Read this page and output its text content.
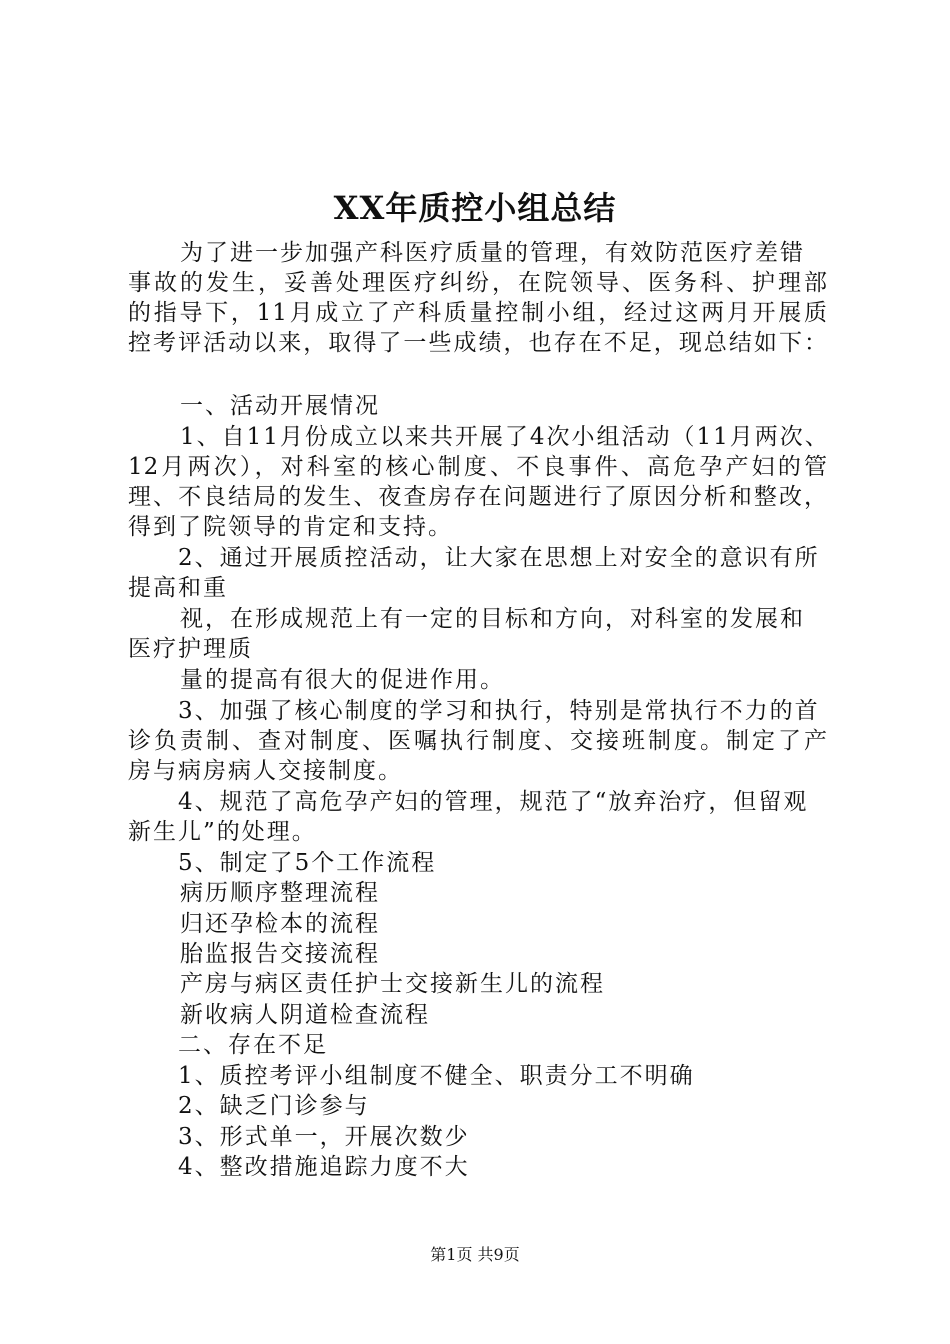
XX年质控小组总结
为了进一步加强产科医疗质量的管理，有效防范医疗差错
事故的发生，妥善处理医疗纠纷，在院领导、医务科、护理部
的指导下，11月成立了产科质量控制小组，经过这两月开展质
控考评活动以来，取得了一些成绩，也存在不足，现总结如下：
一、活动开展情况
1、自11月份成立以来共开展了4次小组活动（11月两次、
12月两次），对科室的核心制度、不良事件、高危孕产妇的管
理、不良结局的发生、夜查房存在问题进行了原因分析和整改，
得到了院领导的肯定和支持。
2、通过开展质控活动，让大家在思想上对安全的意识有所
提高和重
视，在形成规范上有一定的目标和方向，对科室的发展和
医疗护理质
量的提高有很大的促进作用。
3、加强了核心制度的学习和执行，特别是常执行不力的首
诊负责制、查对制度、医嘱执行制度、交接班制度。制定了产
房与病房病人交接制度。
4、规范了高危孕产妇的管理，规范了“放弃治疗，但留观
新生儿”的处理。
5、制定了5个工作流程
病历顺序整理流程
归还孕检本的流程
胎监报告交接流程
产房与病区责任护士交接新生儿的流程
新收病人阴道检查流程
二、存在不足
1、质控考评小组制度不健全、职责分工不明确
2、缺乏门诊参与
3、形式单一，开展次数少
4、整改措施追踪力度不大
第1页 共9页
